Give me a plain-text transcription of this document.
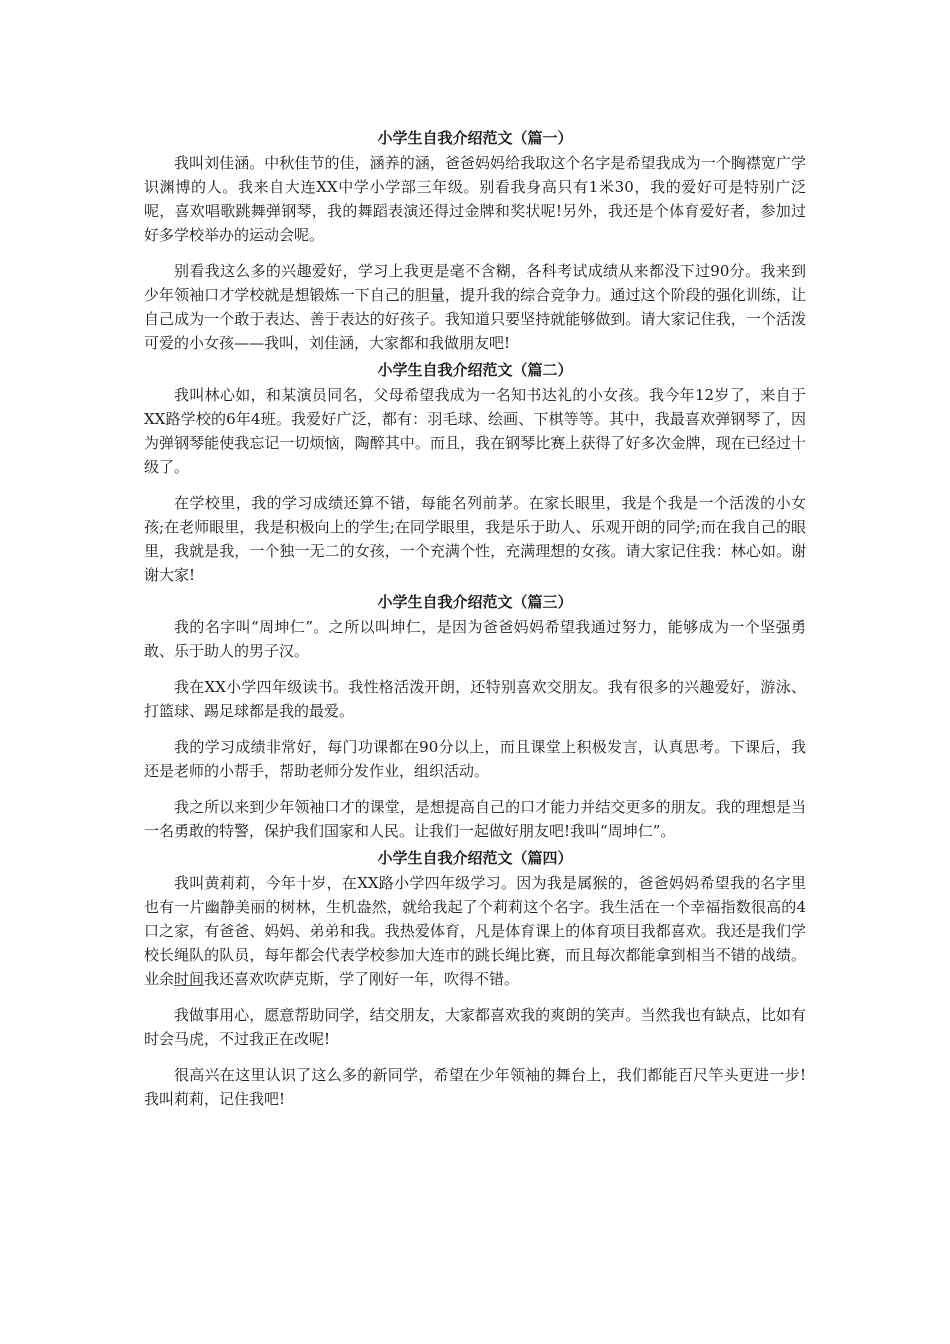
小学生自我介绍范文（篇一）

我叫刘佳涵。中秋佳节的佳，涵养的涵，爸爸妈妈给我取这个名字是希望我成为一个胸襟宽广学识渊博的人。我来自大连XX中学小学部三年级。别看我身高只有1米30，我的爱好可是特别广泛呢，喜欢唱歌跳舞弹钢琴，我的舞蹈表演还得过金牌和奖状呢!另外，我还是个体育爱好者，参加过好多学校举办的运动会呢。

别看我这么多的兴趣爱好，学习上我更是毫不含糊，各科考试成绩从来都没下过90分。我来到少年领袖口才学校就是想锻炼一下自己的胆量，提升我的综合竞争力。通过这个阶段的强化训练，让自己成为一个敢于表达、善于表达的好孩子。我知道只要坚持就能够做到。请大家记住我，一个活泼可爱的小女孩——我叫，刘佳涵，大家都和我做朋友吧!

小学生自我介绍范文（篇二）

我叫林心如，和某演员同名，父母希望我成为一名知书达礼的小女孩。我今年12岁了，来自于XX路学校的6年4班。我爱好广泛，都有：羽毛球、绘画、下棋等等。其中，我最喜欢弹钢琴了，因为弹钢琴能使我忘记一切烦恼，陶醉其中。而且，我在钢琴比赛上获得了好多次金牌，现在已经过十级了。

在学校里，我的学习成绩还算不错，每能名列前茅。在家长眼里，我是个我是一个活泼的小女孩;在老师眼里，我是积极向上的学生;在同学眼里，我是乐于助人、乐观开朗的同学;而在我自己的眼里，我就是我，一个独一无二的女孩，一个充满个性，充满理想的女孩。请大家记住我：林心如。谢谢大家!

小学生自我介绍范文（篇三）

我的名字叫“周坤仁”。之所以叫坤仁，是因为爸爸妈妈希望我通过努力，能够成为一个坚强勇敢、乐于助人的男子汉。

我在XX小学四年级读书。我性格活泼开朗，还特别喜欢交朋友。我有很多的兴趣爱好，游泳、打篮球、踢足球都是我的最爱。

我的学习成绩非常好，每门功课都在90分以上，而且课堂上积极发言，认真思考。下课后，我还是老师的小帮手，帮助老师分发作业，组织活动。

我之所以来到少年领袖口才的课堂，是想提高自己的口才能力并结交更多的朋友。我的理想是当一名勇敢的特警，保护我们国家和人民。让我们一起做好朋友吧!我叫“周坤仁”。

小学生自我介绍范文（篇四）

我叫黄莉莉，今年十岁，在XX路小学四年级学习。因为我是属猴的，爸爸妈妈希望我的名字里也有一片幽静美丽的树林，生机盎然，就给我起了个莉莉这个名字。我生活在一个幸福指数很高的4口之家，有爸爸、妈妈、弟弟和我。我热爱体育，凡是体育课上的体育项目我都喜欢。我还是我们学校长绳队的队员，每年都会代表学校参加大连市的跳长绳比赛，而且每次都能拿到相当不错的战绩。业余时间我还喜欢吹萨克斯，学了刚好一年，吹得不错。

我做事用心，愿意帮助同学，结交朋友，大家都喜欢我的爽朗的笑声。当然我也有缺点，比如有时会马虎，不过我正在改呢!

很高兴在这里认识了这么多的新同学，希望在少年领袖的舞台上，我们都能百尺竿头更进一步!我叫莉莉，记住我吧!
